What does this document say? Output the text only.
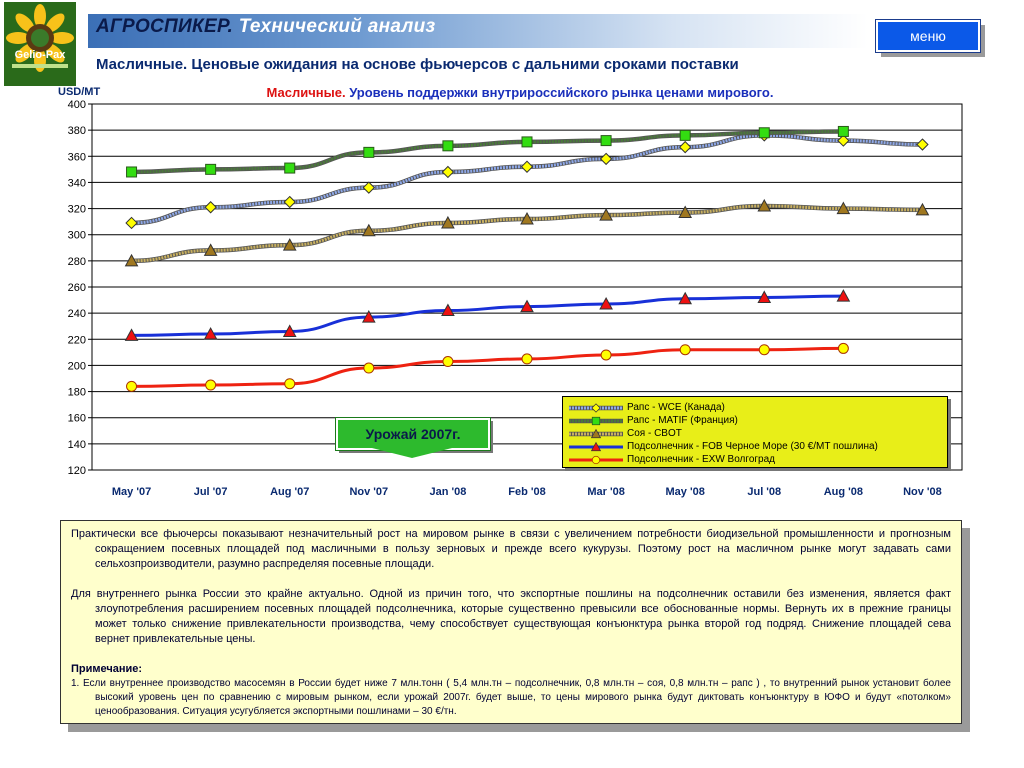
Gelio-Pax
АГРОСПИКЕР. Технический анализ	меню
Масличные. Ценовые ожидания на основе фьючерсов с дальними сроками поставки
Масличные. Уровень поддержки внутрироссийского рынка ценами мирового.
USD/MT
120
140
160
180
200
220
240
260
280
300
320
340
360
380
400
May '07	Jul '07	Aug '07	Nov '07	Jan '08	Feb '08	Mar '08	May '08	Jul '08	Aug '08	Nov '08
Урожай 2007г.
Рапс - WCE (Канада)
Рапс - MATIF (Франция)
Соя - CBOT
Подсолнечник - FOB Черное Море (30 €/MT пошлина)
Подсолнечник - EXW Волгоград

Практически все фьючерсы показывают незначительный рост на мировом рынке в связи с увеличением потребности биодизельной промышленности и прогнозным сокращением посевных площадей под масличными в пользу зерновых и прежде всего кукурузы. Поэтому рост на масличном рынке могут задавать сами сельхозпроизводители, разумно распределяя посевные площади.

Для внутреннего рынка России это крайне актуально. Одной из причин того, что экспортные пошлины на подсолнечник оставили без изменения, является факт злоупотребления расширением посевных площадей подсолнечника, которые существенно превысили все обоснованные нормы. Вернуть их в прежние границы может только снижение привлекательности производства, чему способствует существующая конъюнктура рынка второй год подряд. Снижение площадей сева вернет привлекательные цены.

Примечание:

1. Если внутреннее производство масосемян в России будет ниже 7 млн.тонн ( 5,4 млн.тн – подсолнечник, 0,8 млн.тн – соя, 0,8 млн.тн – рапс ) , то внутренний рынок установит более высокий уровень цен по сравнению с мировым рынком, если урожай 2007г. будет выше, то цены мирового рынка будут диктовать конъюнктуру в ЮФО и будут «потолком» ценообразования. Ситуация усугубляется экспортными пошлинами – 30 €/тн.
